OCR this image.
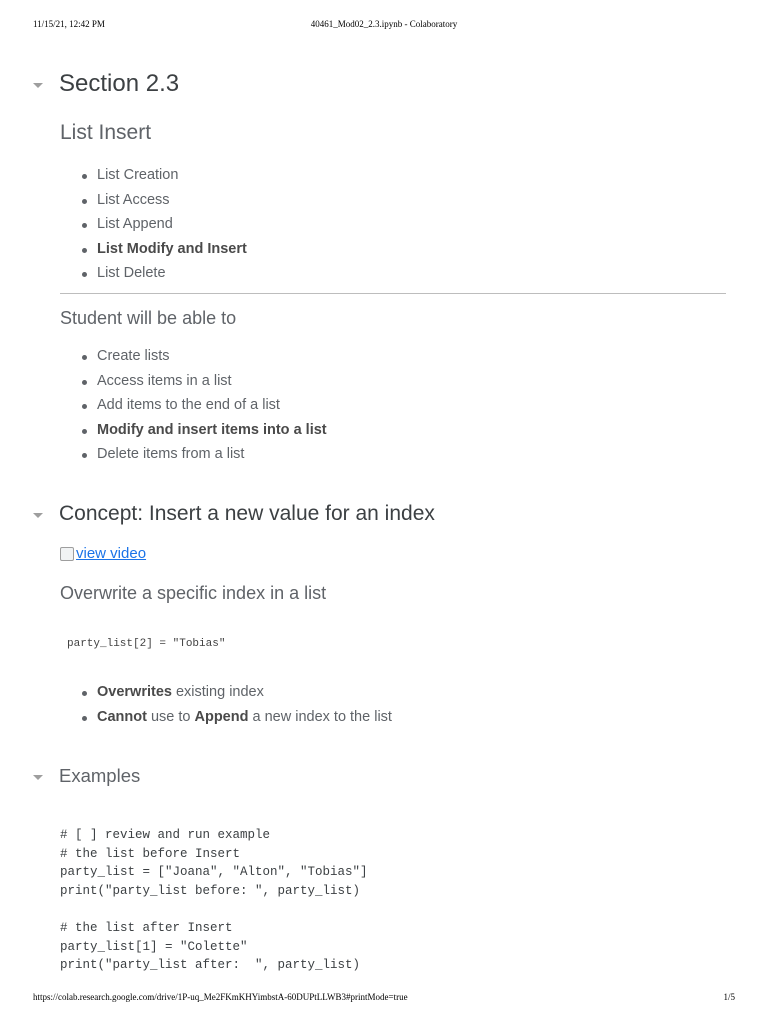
11/15/21, 12:42 PM	40461_Mod02_2.3.ipynb - Colaboratory
Section 2.3
List Insert
List Creation
List Access
List Append
List Modify and Insert
List Delete
Student will be able to
Create lists
Access items in a list
Add items to the end of a list
Modify and insert items into a list
Delete items from a list
Concept: Insert a new value for an index
view video
Overwrite a specific index in a list
party_list[2] = "Tobias"
Overwrites existing index
Cannot use to Append a new index to the list
Examples
# [ ] review and run example
# the list before Insert
party_list = ["Joana", "Alton", "Tobias"]
print("party_list before: ", party_list)

# the list after Insert
party_list[1] = "Colette"
print("party_list after:  ", party_list)
https://colab.research.google.com/drive/1P-uq_Me2FKmKHYimbstA-60DUPtLLWB3#printMode=true	1/5
